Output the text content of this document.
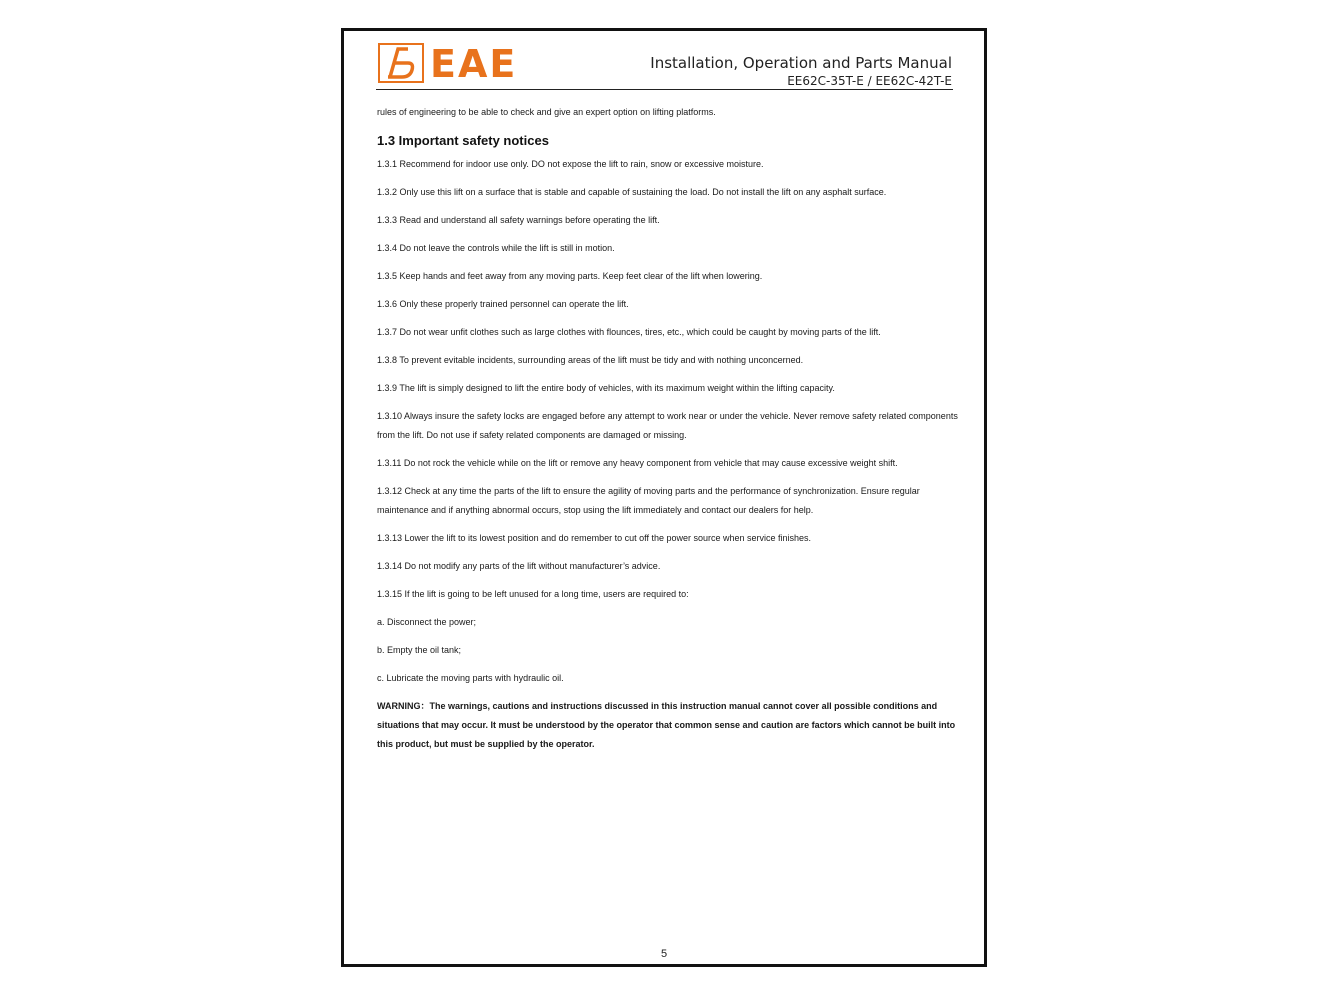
EAE	Installation, Operation and Parts Manual
EE62C-35T-E / EE62C-42T-E

rules of engineering to be able to check and give an expert option on lifting platforms.

1.3 Important safety notices

1.3.1 Recommend for indoor use only. DO not expose the lift to rain, snow or excessive moisture.

1.3.2 Only use this lift on a surface that is stable and capable of sustaining the load. Do not install the lift on any asphalt surface.

1.3.3 Read and understand all safety warnings before operating the lift.

1.3.4 Do not leave the controls while the lift is still in motion.

1.3.5 Keep hands and feet away from any moving parts. Keep feet clear of the lift when lowering.

1.3.6 Only these properly trained personnel can operate the lift.

1.3.7 Do not wear unfit clothes such as large clothes with flounces, tires, etc., which could be caught by moving parts of the lift.

1.3.8 To prevent evitable incidents, surrounding areas of the lift must be tidy and with nothing unconcerned.

1.3.9 The lift is simply designed to lift the entire body of vehicles, with its maximum weight within the lifting capacity.

1.3.10 Always insure the safety locks are engaged before any attempt to work near or under the vehicle. Never remove safety related components from the lift. Do not use if safety related components are damaged or missing.

1.3.11 Do not rock the vehicle while on the lift or remove any heavy component from vehicle that may cause excessive weight shift.

1.3.12 Check at any time the parts of the lift to ensure the agility of moving parts and the performance of synchronization. Ensure regular maintenance and if anything abnormal occurs, stop using the lift immediately and contact our dealers for help.

1.3.13 Lower the lift to its lowest position and do remember to cut off the power source when service finishes.

1.3.14 Do not modify any parts of the lift without manufacturer’s advice.

1.3.15 If the lift is going to be left unused for a long time, users are required to:

a. Disconnect the power;

b. Empty the oil tank;

c. Lubricate the moving parts with hydraulic oil.

WARNING：The warnings, cautions and instructions discussed in this instruction manual cannot cover all possible conditions and situations that may occur. It must be understood by the operator that common sense and caution are factors which cannot be built into this product, but must be supplied by the operator.

5
